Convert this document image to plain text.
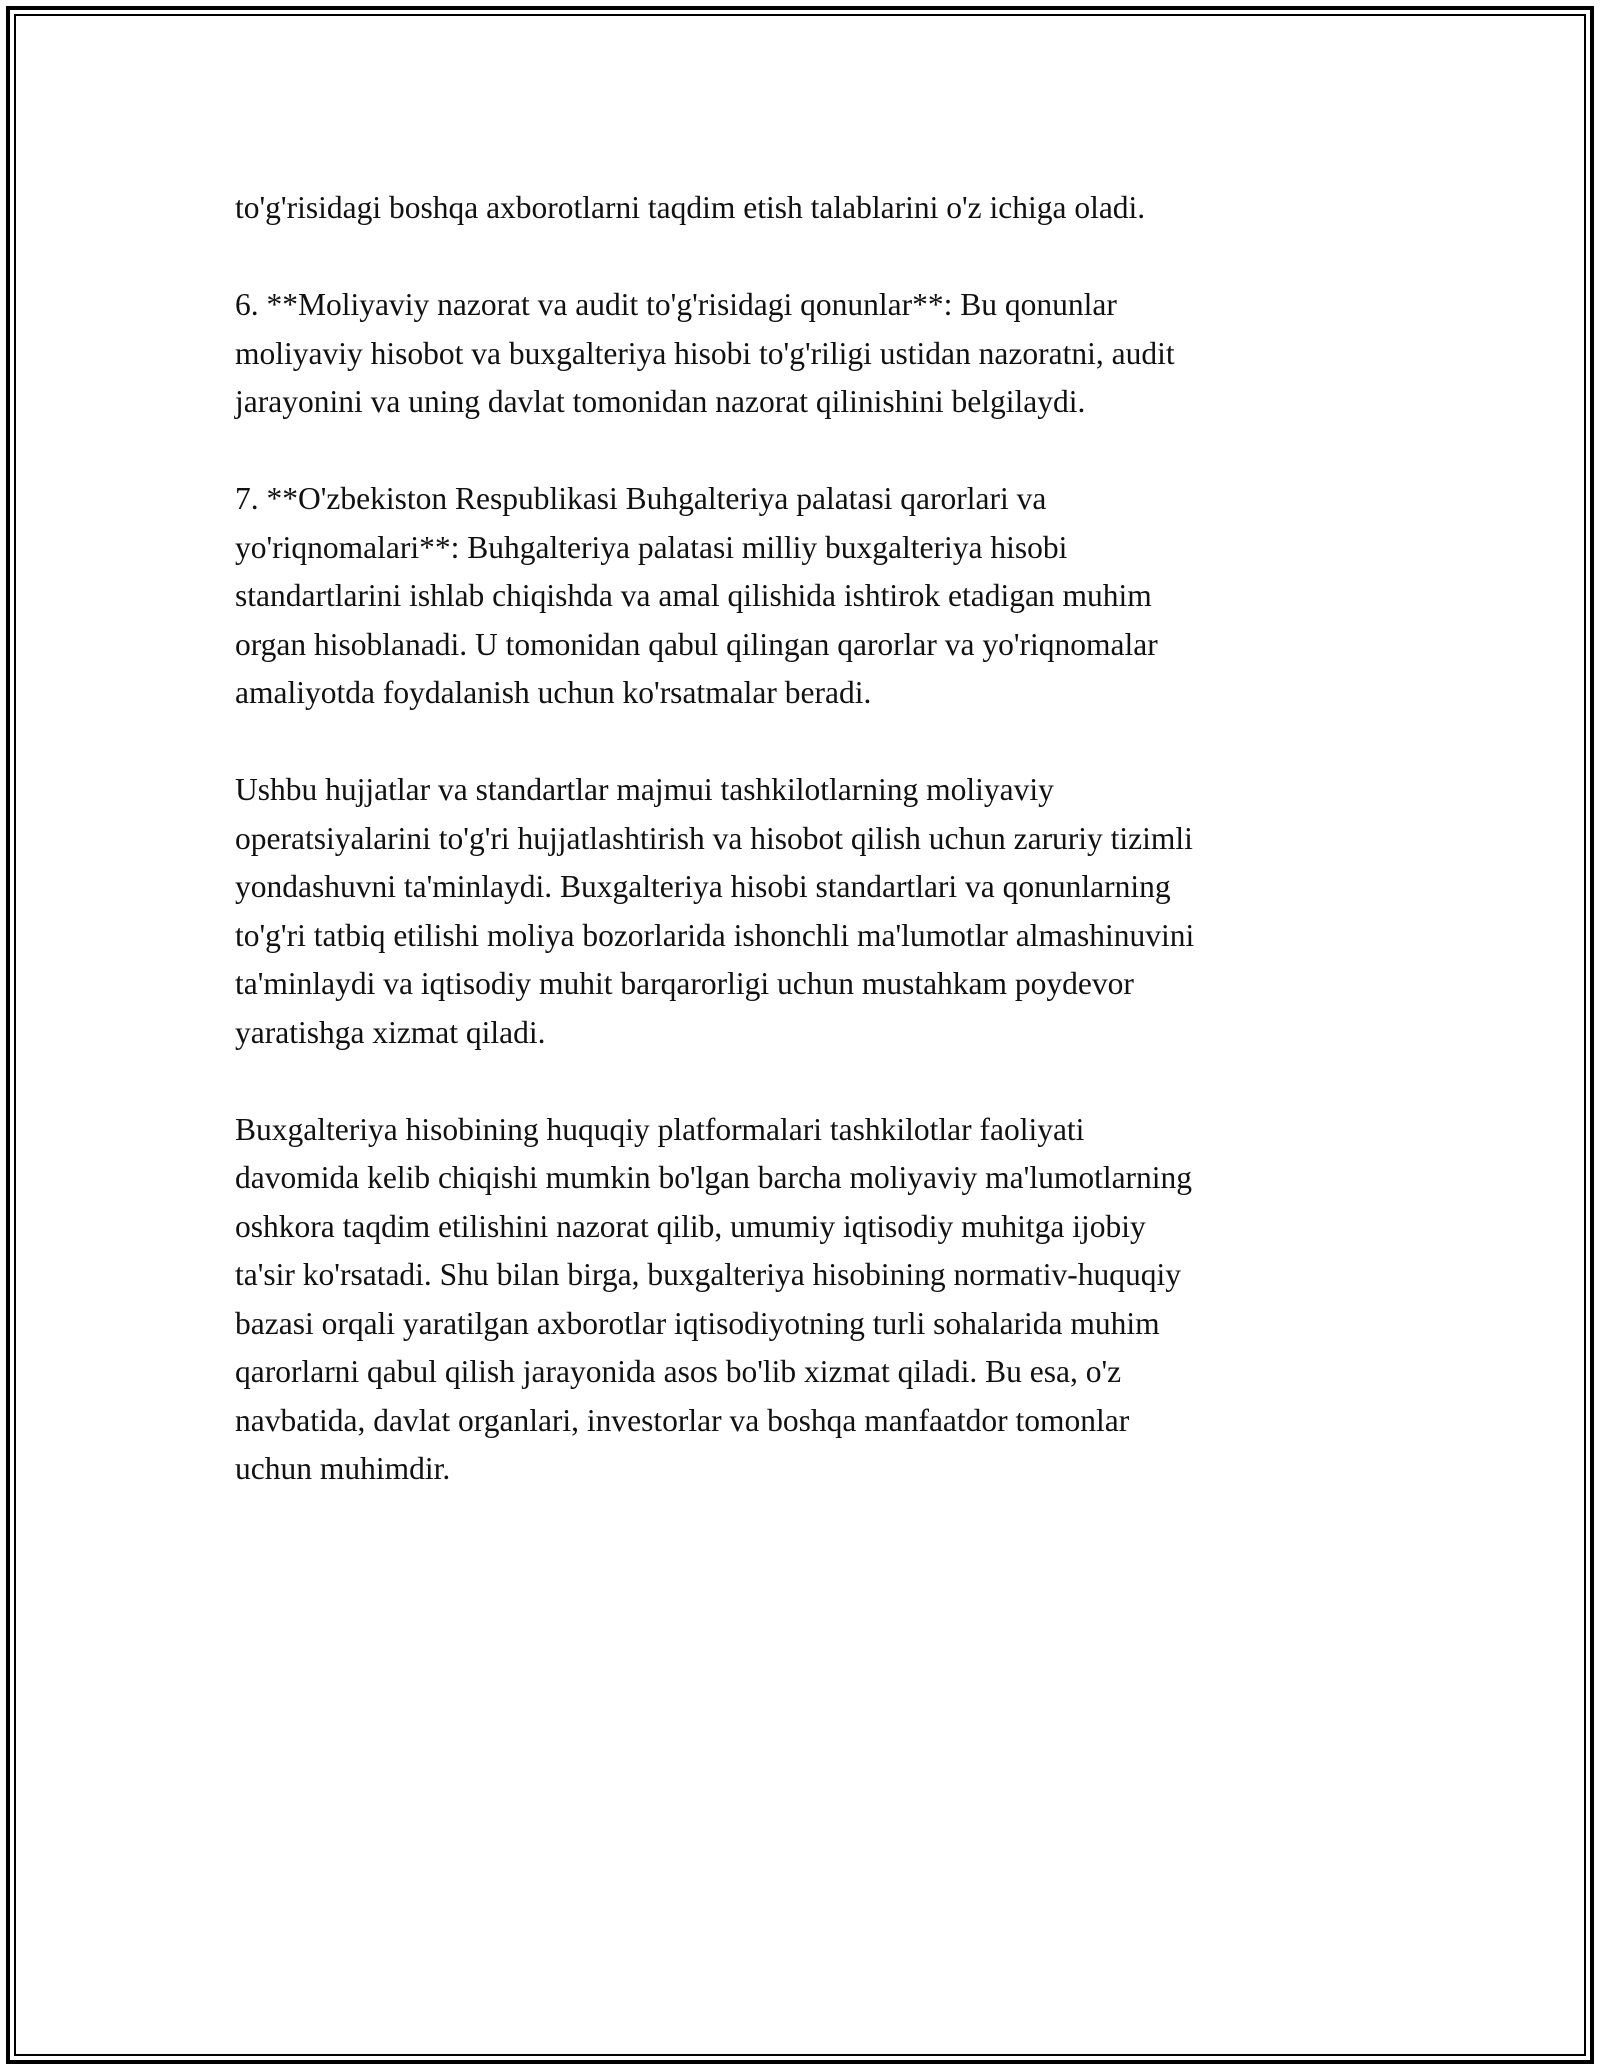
to'g'risidagi boshqa axborotlarni taqdim etish talablarini o'z ichiga oladi.
6. **Moliyaviy nazorat va audit to'g'risidagi qonunlar**: Bu qonunlar
moliyaviy hisobot va buxgalteriya hisobi to'g'riligi ustidan nazoratni, audit
jarayonini va uning davlat tomonidan nazorat qilinishini belgilaydi.
7. **O'zbekiston Respublikasi Buhgalteriya palatasi qarorlari va
yo'riqnomalari**: Buhgalteriya palatasi milliy buxgalteriya hisobi
standartlarini ishlab chiqishda va amal qilishida ishtirok etadigan muhim
organ hisoblanadi. U tomonidan qabul qilingan qarorlar va yo'riqnomalar
amaliyotda foydalanish uchun ko'rsatmalar beradi.
Ushbu hujjatlar va standartlar majmui tashkilotlarning moliyaviy
operatsiyalarini to'g'ri hujjatlashtirish va hisobot qilish uchun zaruriy tizimli
yondashuvni ta'minlaydi. Buxgalteriya hisobi standartlari va qonunlarning
to'g'ri tatbiq etilishi moliya bozorlarida ishonchli ma'lumotlar almashinuvini
ta'minlaydi va iqtisodiy muhit barqarorligi uchun mustahkam poydevor
yaratishga xizmat qiladi.
Buxgalteriya hisobining huquqiy platformalari tashkilotlar faoliyati
davomida kelib chiqishi mumkin bo'lgan barcha moliyaviy ma'lumotlarning
oshkora taqdim etilishini nazorat qilib, umumiy iqtisodiy muhitga ijobiy
ta'sir ko'rsatadi. Shu bilan birga, buxgalteriya hisobining normativ-huquqiy
bazasi orqali yaratilgan axborotlar iqtisodiyotning turli sohalarida muhim
qarorlarni qabul qilish jarayonida asos bo'lib xizmat qiladi. Bu esa, o'z
navbatida, davlat organlari, investorlar va boshqa manfaatdor tomonlar
uchun muhimdir.
